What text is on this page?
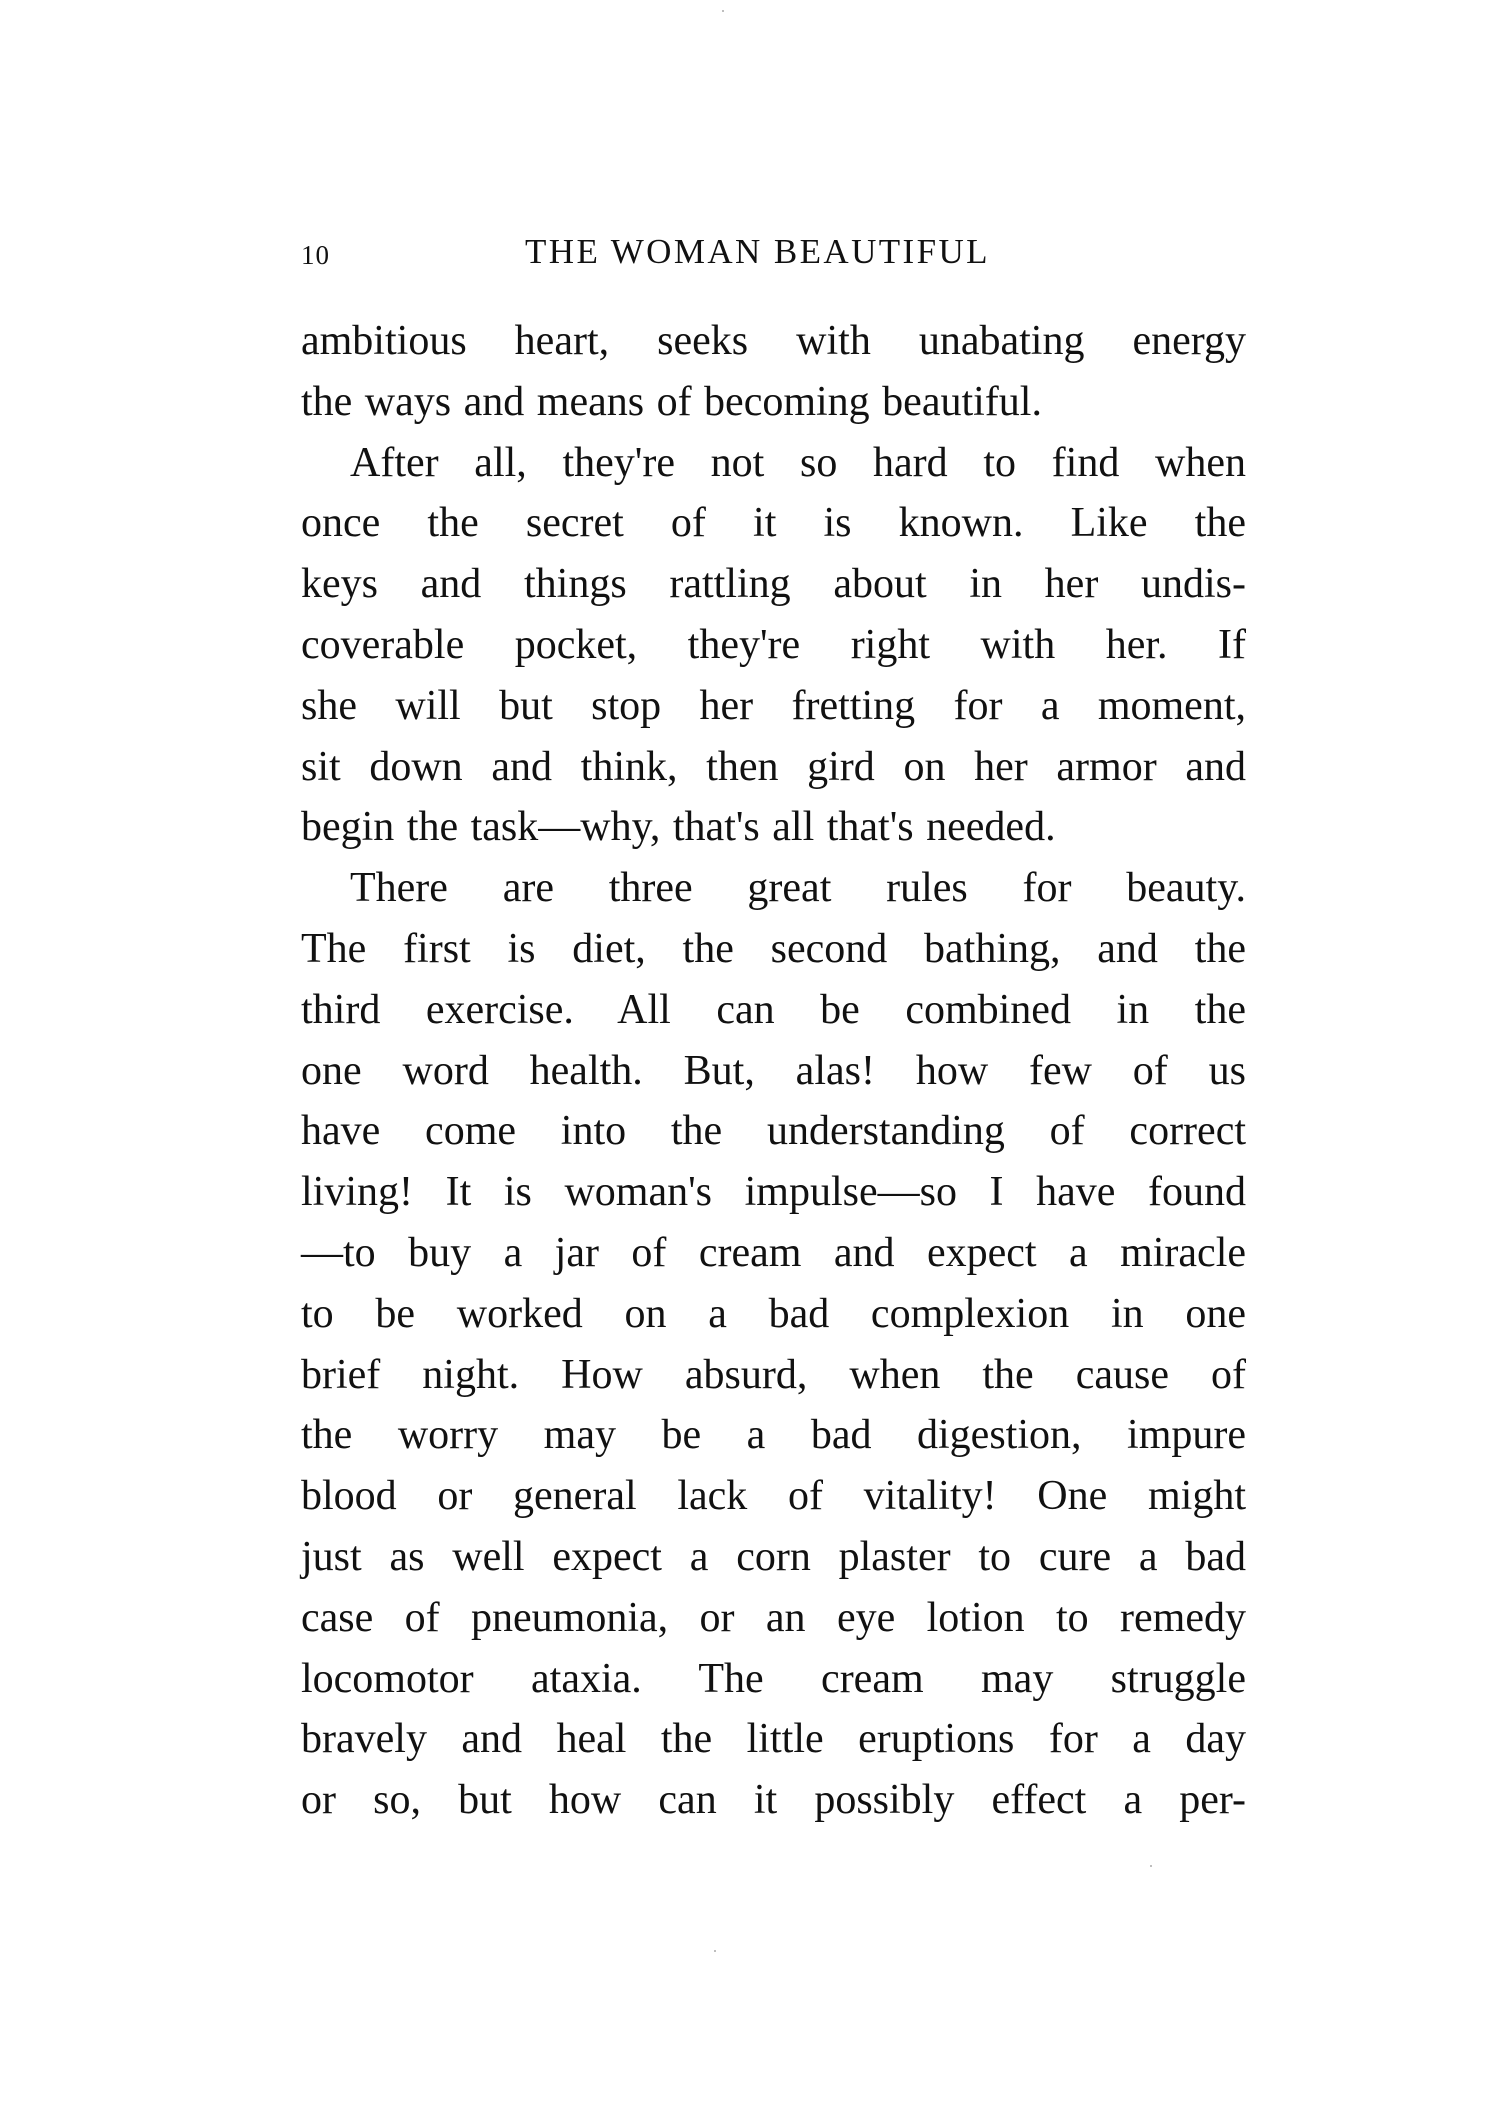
10	THE WOMAN BEAUTIFUL
ambitious heart, seeks with unabating energy
the ways and means of becoming beautiful.
After all, they're not so hard to find when
once the secret of it is known. Like the
keys and things rattling about in her undis-
coverable pocket, they're right with her. If
she will but stop her fretting for a moment,
sit down and think, then gird on her armor and
begin the task—why, that's all that's needed.
There are three great rules for beauty.
The first is diet, the second bathing, and the
third exercise. All can be combined in the
one word health. But, alas! how few of us
have come into the understanding of correct
living! It is woman's impulse—so I have found
—to buy a jar of cream and expect a miracle
to be worked on a bad complexion in one
brief night. How absurd, when the cause of
the worry may be a bad digestion, impure
blood or general lack of vitality! One might
just as well expect a corn plaster to cure a bad
case of pneumonia, or an eye lotion to remedy
locomotor ataxia. The cream may struggle
bravely and heal the little eruptions for a day
or so, but how can it possibly effect a per-
